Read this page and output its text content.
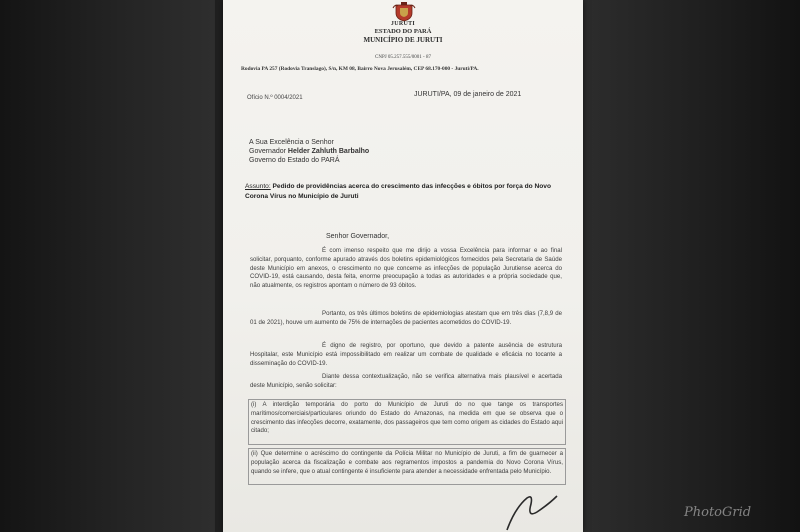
JURUTI
ESTADO DO PARÁ
MUNICÍPIO DE JURUTI
CNPJ 05.257.555/0001 - 87
Rodovia PA 257 (Rodovia Translago), S/n, KM 08, Bairro Nova Jerusalém, CEP 68.170-000 - Juruti/PA.
Ofício N.º 0004/2021	JURUTI/PA, 09 de janeiro de 2021
A Sua Excelência o Senhor
Governador Helder Zahluth Barbalho
Governo do Estado do PARÁ
Assunto: Pedido de providências acerca do crescimento das infecções e óbitos por força do Novo Corona Vírus no Município de Juruti
Senhor Governador,
É com imenso respeito que me dirijo a vossa Excelência para informar e ao final solicitar, porquanto, conforme apurado através dos boletins epidemiológicos fornecidos pela Secretaria de Saúde deste Município em anexos, o crescimento no que concerne as infecções de população Jurutiense acerca do COVID-19, está causando, desta feita, enorme preocupação a todas as autoridades e a própria sociedade que, não atualmente, os registros apontam o número de 93 óbitos.
Portanto, os três últimos boletins de epidemiologias atestam que em três dias (7,8,9 de 01 de 2021), houve um aumento de 75% de internações de pacientes acometidos do COVID-19.
É digno de registro, por oportuno, que devido a patente ausência de estrutura Hospitalar, este Município está impossibilitado em realizar um combate de qualidade e eficácia no tocante a disseminação do COVID-19.
Diante dessa contextualização, não se verifica alternativa mais plausível e acertada deste Município, senão solicitar:
(i) A interdição temporária do porto do Município de Juruti do no que tange os transportes marítimos/comerciais/particulares oriundo do Estado do Amazonas, na medida em que se observa que o crescimento das infecções decorre, exatamente, dos passageiros que tem como origem as cidades do Estado aqui citado;
(ii) Que determine o acréscimo do contingente da Polícia Militar no Município de Juruti, a fim de guarnecer a população acerca da fiscalização e combate aos regramentos impostos a pandemia do Novo Corona Vírus, quando se infere, que o atual contingente é insuficiente para atender a necessidade enfrentada pelo Município.
PhotoGrid
